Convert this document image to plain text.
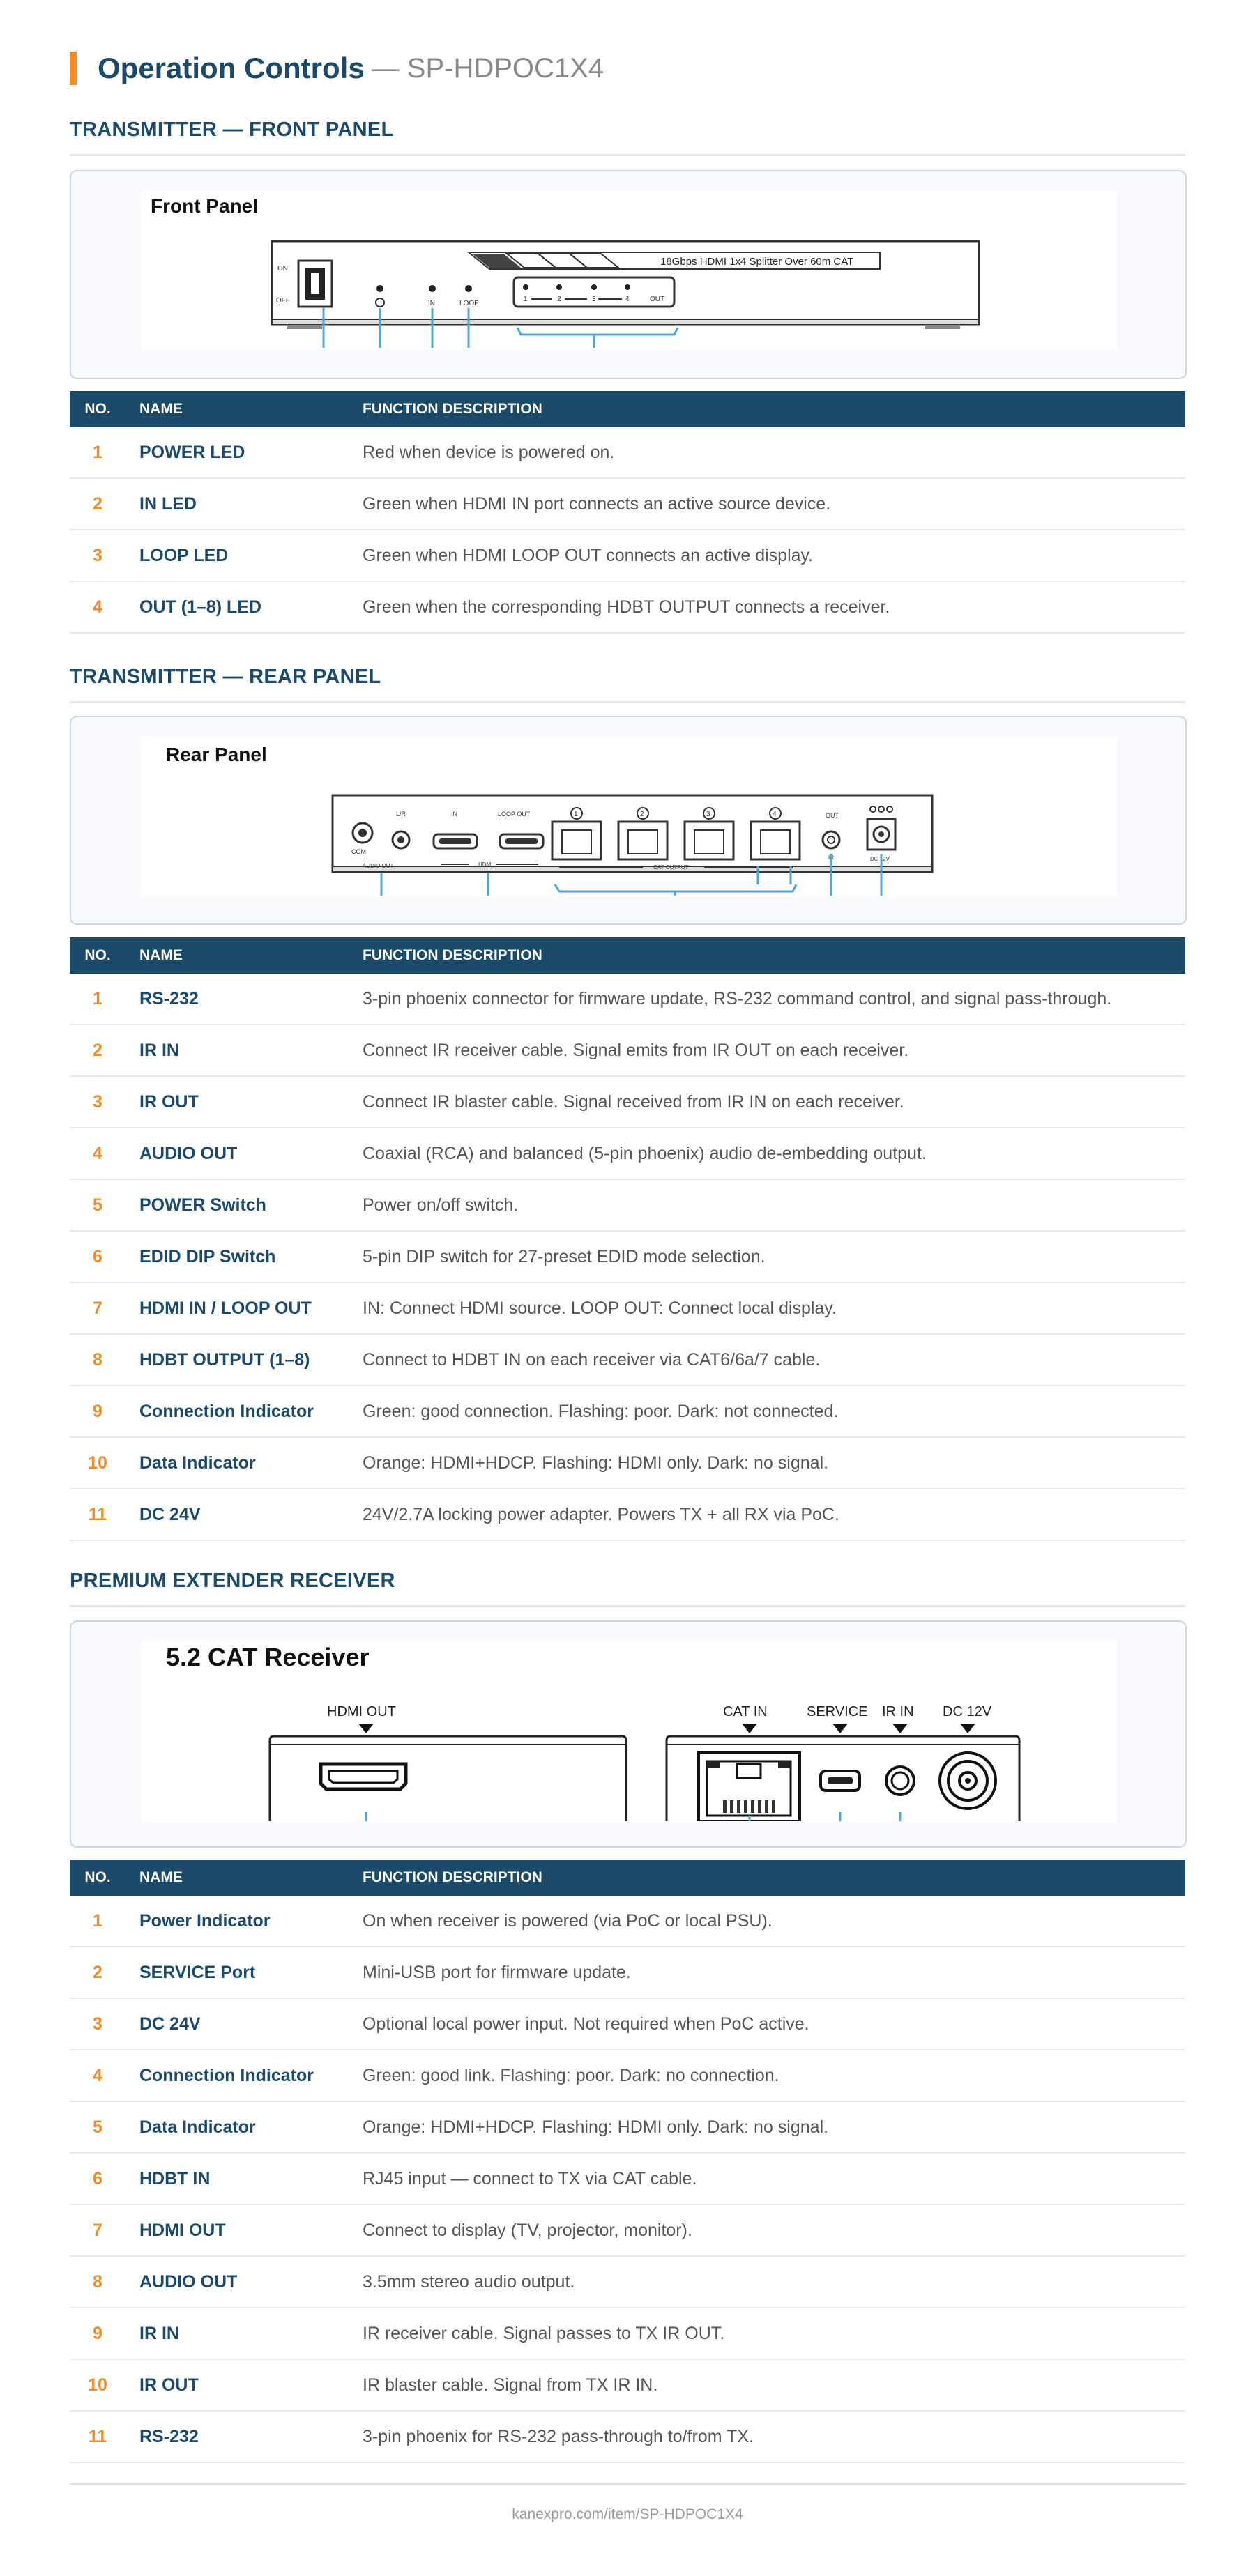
Operation Controls — SP-HDPOC1X4
TRANSMITTER — FRONT PANEL
Front Panel
18Gbps HDMI 1x4 Splitter Over 60m CAT
ON
OFF	IN	LOOP
1	2	3	4	OUT
NO.	NAME	FUNCTION DESCRIPTION
1	POWER LED	Red when device is powered on.
2	IN LED	Green when HDMI IN port connects an active source device.
3	LOOP LED	Green when HDMI LOOP OUT connects an active display.
4	OUT (1–8) LED	Green when the corresponding HDBT OUTPUT connects a receiver.
TRANSMITTER — REAR PANEL
Rear Panel
COM
L/R
AUDIO OUT
IN	LOOP OUT
HDMI
1	2	3	4
CAT OUTPUT
OUT
IR	DC 12V
NO.	NAME	FUNCTION DESCRIPTION
1	RS-232	3-pin phoenix connector for firmware update, RS-232 command control, and signal pass-through.
2	IR IN	Connect IR receiver cable. Signal emits from IR OUT on each receiver.
3	IR OUT	Connect IR blaster cable. Signal received from IR IN on each receiver.
4	AUDIO OUT	Coaxial (RCA) and balanced (5-pin phoenix) audio de-embedding output.
5	POWER Switch	Power on/off switch.
6	EDID DIP Switch	5-pin DIP switch for 27-preset EDID mode selection.
7	HDMI IN / LOOP OUT	IN: Connect HDMI source. LOOP OUT: Connect local display.
8	HDBT OUTPUT (1–8)	Connect to HDBT IN on each receiver via CAT6/6a/7 cable.
9	Connection Indicator	Green: good connection. Flashing: poor. Dark: not connected.
10	Data Indicator	Orange: HDMI+HDCP. Flashing: HDMI only. Dark: no signal.
11	DC 24V	24V/2.7A locking power adapter. Powers TX + all RX via PoC.
PREMIUM EXTENDER RECEIVER
5.2 CAT Receiver
HDMI OUT	CAT IN	SERVICE IR IN DC 12V
NO.	NAME	FUNCTION DESCRIPTION
1	Power Indicator	On when receiver is powered (via PoC or local PSU).
2	SERVICE Port	Mini-USB port for firmware update.
3	DC 24V	Optional local power input. Not required when PoC active.
4	Connection Indicator	Green: good link. Flashing: poor. Dark: no connection.
5	Data Indicator	Orange: HDMI+HDCP. Flashing: HDMI only. Dark: no signal.
6	HDBT IN	RJ45 input — connect to TX via CAT cable.
7	HDMI OUT	Connect to display (TV, projector, monitor).
8	AUDIO OUT	3.5mm stereo audio output.
9	IR IN	IR receiver cable. Signal passes to TX IR OUT.
10	IR OUT	IR blaster cable. Signal from TX IR IN.
11	RS-232	3-pin phoenix for RS-232 pass-through to/from TX.
kanexpro.com/item/SP-HDPOC1X4
